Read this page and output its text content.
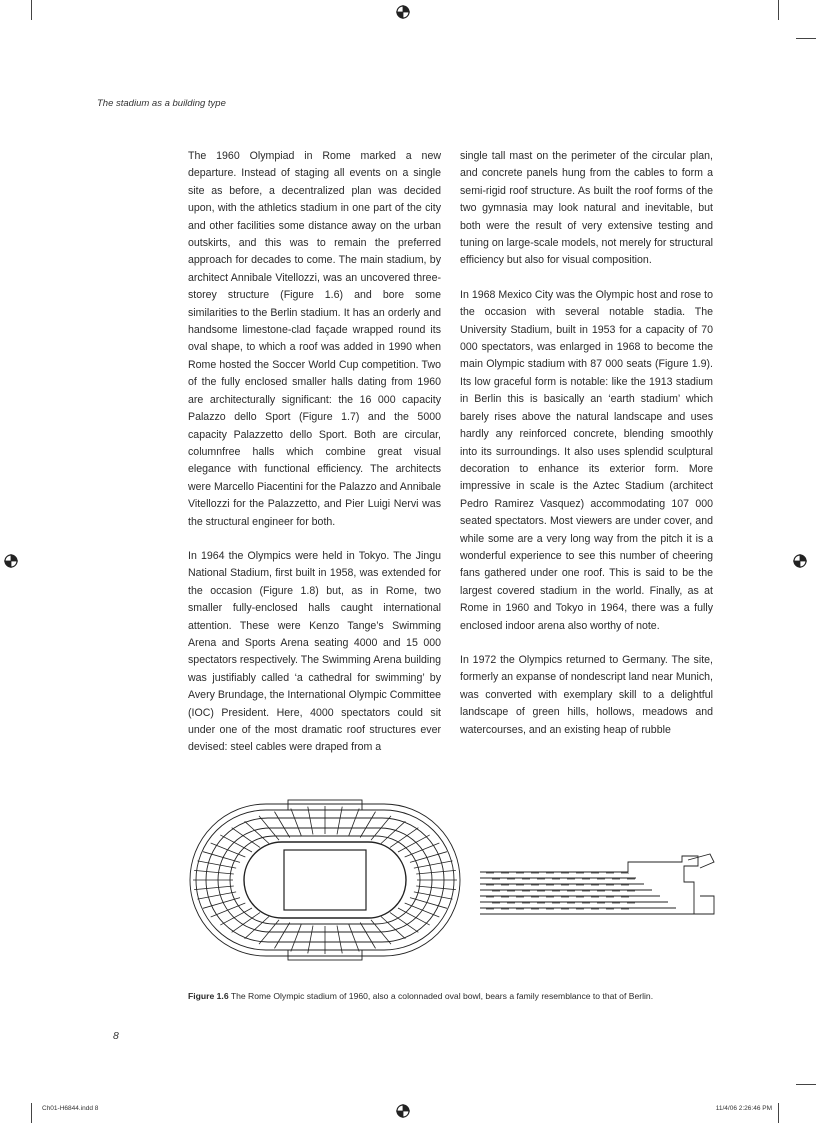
The stadium as a building type

The 1960 Olympiad in Rome marked a new departure. Instead of staging all events on a single site as before, a decentralized plan was decided upon, with the athletics stadium in one part of the city and other facilities some distance away on the urban outskirts, and this was to remain the preferred approach for decades to come. The main stadium, by architect Annibale Vitellozzi, was an uncovered three-storey structure (Figure 1.6) and bore some similarities to the Berlin stadium. It has an orderly and handsome limestone-clad façade wrapped round its oval shape, to which a roof was added in 1990 when Rome hosted the Soccer World Cup competition. Two of the fully enclosed smaller halls dating from 1960 are architecturally significant: the 16 000 capacity Palazzo dello Sport (Figure 1.7) and the 5000 capacity Palazzetto dello Sport. Both are circular, columnfree halls which combine great visual elegance with functional efficiency. The architects were Marcello Piacentini for the Palazzo and Annibale Vitellozzi for the Palazzetto, and Pier Luigi Nervi was the structural engineer for both.

In 1964 the Olympics were held in Tokyo. The Jingu National Stadium, first built in 1958, was extended for the occasion (Figure 1.8) but, as in Rome, two smaller fully-enclosed halls caught international attention. These were Kenzo Tange’s Swimming Arena and Sports Arena seating 4000 and 15 000 spectators respectively. The Swimming Arena building was justifiably called ‘a cathedral for swimming’ by Avery Brundage, the International Olympic Committee (IOC) President. Here, 4000 spectators could sit under one of the most dramatic roof structures ever devised: steel cables were draped from a

single tall mast on the perimeter of the circular plan, and concrete panels hung from the cables to form a semi-rigid roof structure. As built the roof forms of the two gymnasia may look natural and inevitable, but both were the result of very extensive testing and tuning on large-scale models, not merely for structural efficiency but also for visual composition.

In 1968 Mexico City was the Olympic host and rose to the occasion with several notable stadia. The University Stadium, built in 1953 for a capacity of 70 000 spectators, was enlarged in 1968 to become the main Olympic stadium with 87 000 seats (Figure 1.9). Its low graceful form is notable: like the 1913 stadium in Berlin this is basically an ‘earth stadium’ which barely rises above the natural landscape and uses hardly any reinforced concrete, blending smoothly into its surroundings. It also uses splendid sculptural decoration to enhance its exterior form. More impressive in scale is the Aztec Stadium (architect Pedro Ramirez Vasquez) accommodating 107 000 seated spectators. Most viewers are under cover, and while some are a very long way from the pitch it is a wonderful experience to see this number of cheering fans gathered under one roof. This is said to be the largest covered stadium in the world. Finally, as at Rome in 1960 and Tokyo in 1964, there was a fully enclosed indoor arena also worthy of note.

In 1972 the Olympics returned to Germany. The site, formerly an expanse of nondescript land near Munich, was converted with exemplary skill to a delightful landscape of green hills, hollows, meadows and watercourses, and an existing heap of rubble

Figure 1.6 The Rome Olympic stadium of 1960, also a colonnaded oval bowl, bears a family resemblance to that of Berlin.
8
Ch01-H6844.indd 8	11/4/06 2:26:46 PM
